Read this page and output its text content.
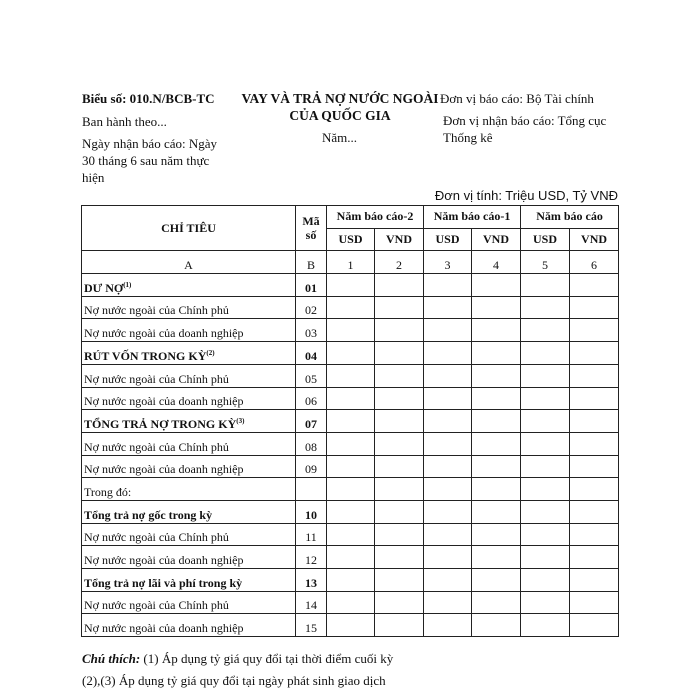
Biểu số: 010.N/BCB-TC
Ban hành theo...
Ngày nhận báo cáo: Ngày 30 tháng 6 sau năm thực hiện
VAY VÀ TRẢ NỢ NƯỚC NGOÀI CỦA QUỐC GIA
Năm...
Đơn vị báo cáo: Bộ Tài chính
Đơn vị nhận báo cáo: Tổng cục Thống kê
Đơn vị tính: Triệu USD, Tỷ VNĐ
CHỈ TIÊU	Mã số	Năm báo cáo-2		Năm báo cáo-1		Năm báo cáo	
		USD	VND	USD	VND	USD	VND
A	B	1	2	3	4	5	6
DƯ NỢ$^{(1)}$	01						
Nợ nước ngoài của Chính phủ	02						
Nợ nước ngoài của doanh nghiệp	03						
RÚT VỐN TRONG KỲ$^{(2)}$	04						
Nợ nước ngoài của Chính phủ	05						
Nợ nước ngoài của doanh nghiệp	06						
TỔNG TRẢ NỢ TRONG KỲ$^{(3)}$	07						
Nợ nước ngoài của Chính phủ	08						
Nợ nước ngoài của doanh nghiệp	09						
Trong đó:							
Tổng trả nợ gốc trong kỳ	10						
Nợ nước ngoài của Chính phủ	11						
Nợ nước ngoài của doanh nghiệp	12						
Tổng trả nợ lãi và phí trong kỳ	13						
Nợ nước ngoài của Chính phủ	14						
Nợ nước ngoài của doanh nghiệp	15						
Chú thích: (1) Áp dụng tỷ giá quy đổi tại thời điểm cuối kỳ
(2),(3) Áp dụng tỷ giá quy đổi tại ngày phát sinh giao dịch
